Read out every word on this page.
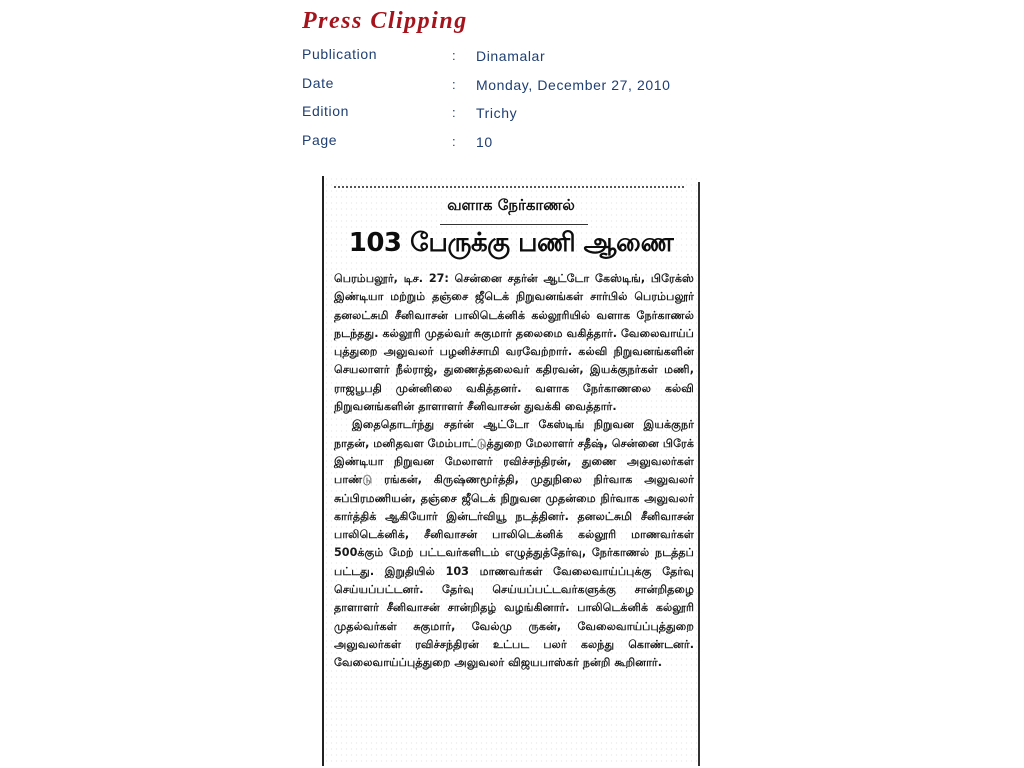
Press Clipping
Publication	: Dinamalar
Date	: Monday, December 27, 2010
Edition	: Trichy
Page	: 10
வளாக நேர்காணல்
103 பேருக்கு பணி ஆணை

பெரம்பலூர், டிச. 27: சென்னை சதர்ன் ஆட்டோ கேஸ்டிங், பிரேக்ஸ் இண்டியா மற்றும் தஞ்சை ஜீடெக் நிறுவனங்கள் சார்பில் பெரம்பலூர் தனலட்சுமி சீனிவாசன் பாலிடெக்னிக் கல்லூரியில் வளாக நேர்காணல் நடந்தது. கல்லூரி முதல்வர் சுகுமார் தலைமை வகித்தார். வேலைவாய்ப் புத்துறை அலுவலர் பழனிச்சாமி வரவேற்றார். கல்வி நிறுவனங்களின் செயலாளர் நீல்ராஜ், துணைத்தலைவர் கதிரவன், இயக்குநர்கள் மணி, ராஜபூபதி முன்னிலை வகித்தனர். வளாக நேர்காணலை கல்வி நிறுவனங்களின் தாளாளர் சீனிவாசன் துவக்கி வைத்தார்.

இதைதொடர்ந்து சதர்ன் ஆட்டோ கேஸ்டிங் நிறுவன இயக்குநர் நாதன், மனிதவள மேம்பாட்டுத்துறை மேலாளர் சதீஷ், சென்னை பிரேக் இண்டியா நிறுவன மேலாளர் ரவிச்சந்திரன், துணை அலுவலர்கள் பாண்டு ரங்கன், கிருஷ்ணமூர்த்தி, முதுநிலை நிர்வாக அலுவலர் சுப்பிரமணியன், தஞ்சை ஜீடெக் நிறுவன முதன்மை நிர்வாக அலுவலர் கார்த்திக் ஆகியோர் இன்டர்வியூ நடத்தினர். தனலட்சுமி சீனிவாசன் பாலிடெக்னிக், சீனிவாசன் பாலிடெக்னிக் கல்லூரி மாணவர்கள் 500க்கும் மேற் பட்டவர்களிடம் எழுத்துத்தேர்வு, நேர்காணல் நடத்தப் பட்டது. இறுதியில் 103 மாணவர்கள் வேலைவாய்ப்புக்கு தேர்வு செய்யப்பட்டனர். தேர்வு செய்யப்பட்டவர்களுக்கு சான்றிதழை தாளாளர் சீனிவாசன் சான்றிதழ் வழங்கினார். பாலிடெக்னிக் கல்லூரி முதல்வர்கள் சுகுமார், வேல்மு ருகன், வேலைவாய்ப்புத்துறை அலுவலர்கள் ரவிச்சந்திரன் உட்பட பலர் கலந்து கொண்டனர். வேலைவாய்ப்புத்துறை அலுவலர் விஜயபாஸ்கர் நன்றி கூறினார்.
